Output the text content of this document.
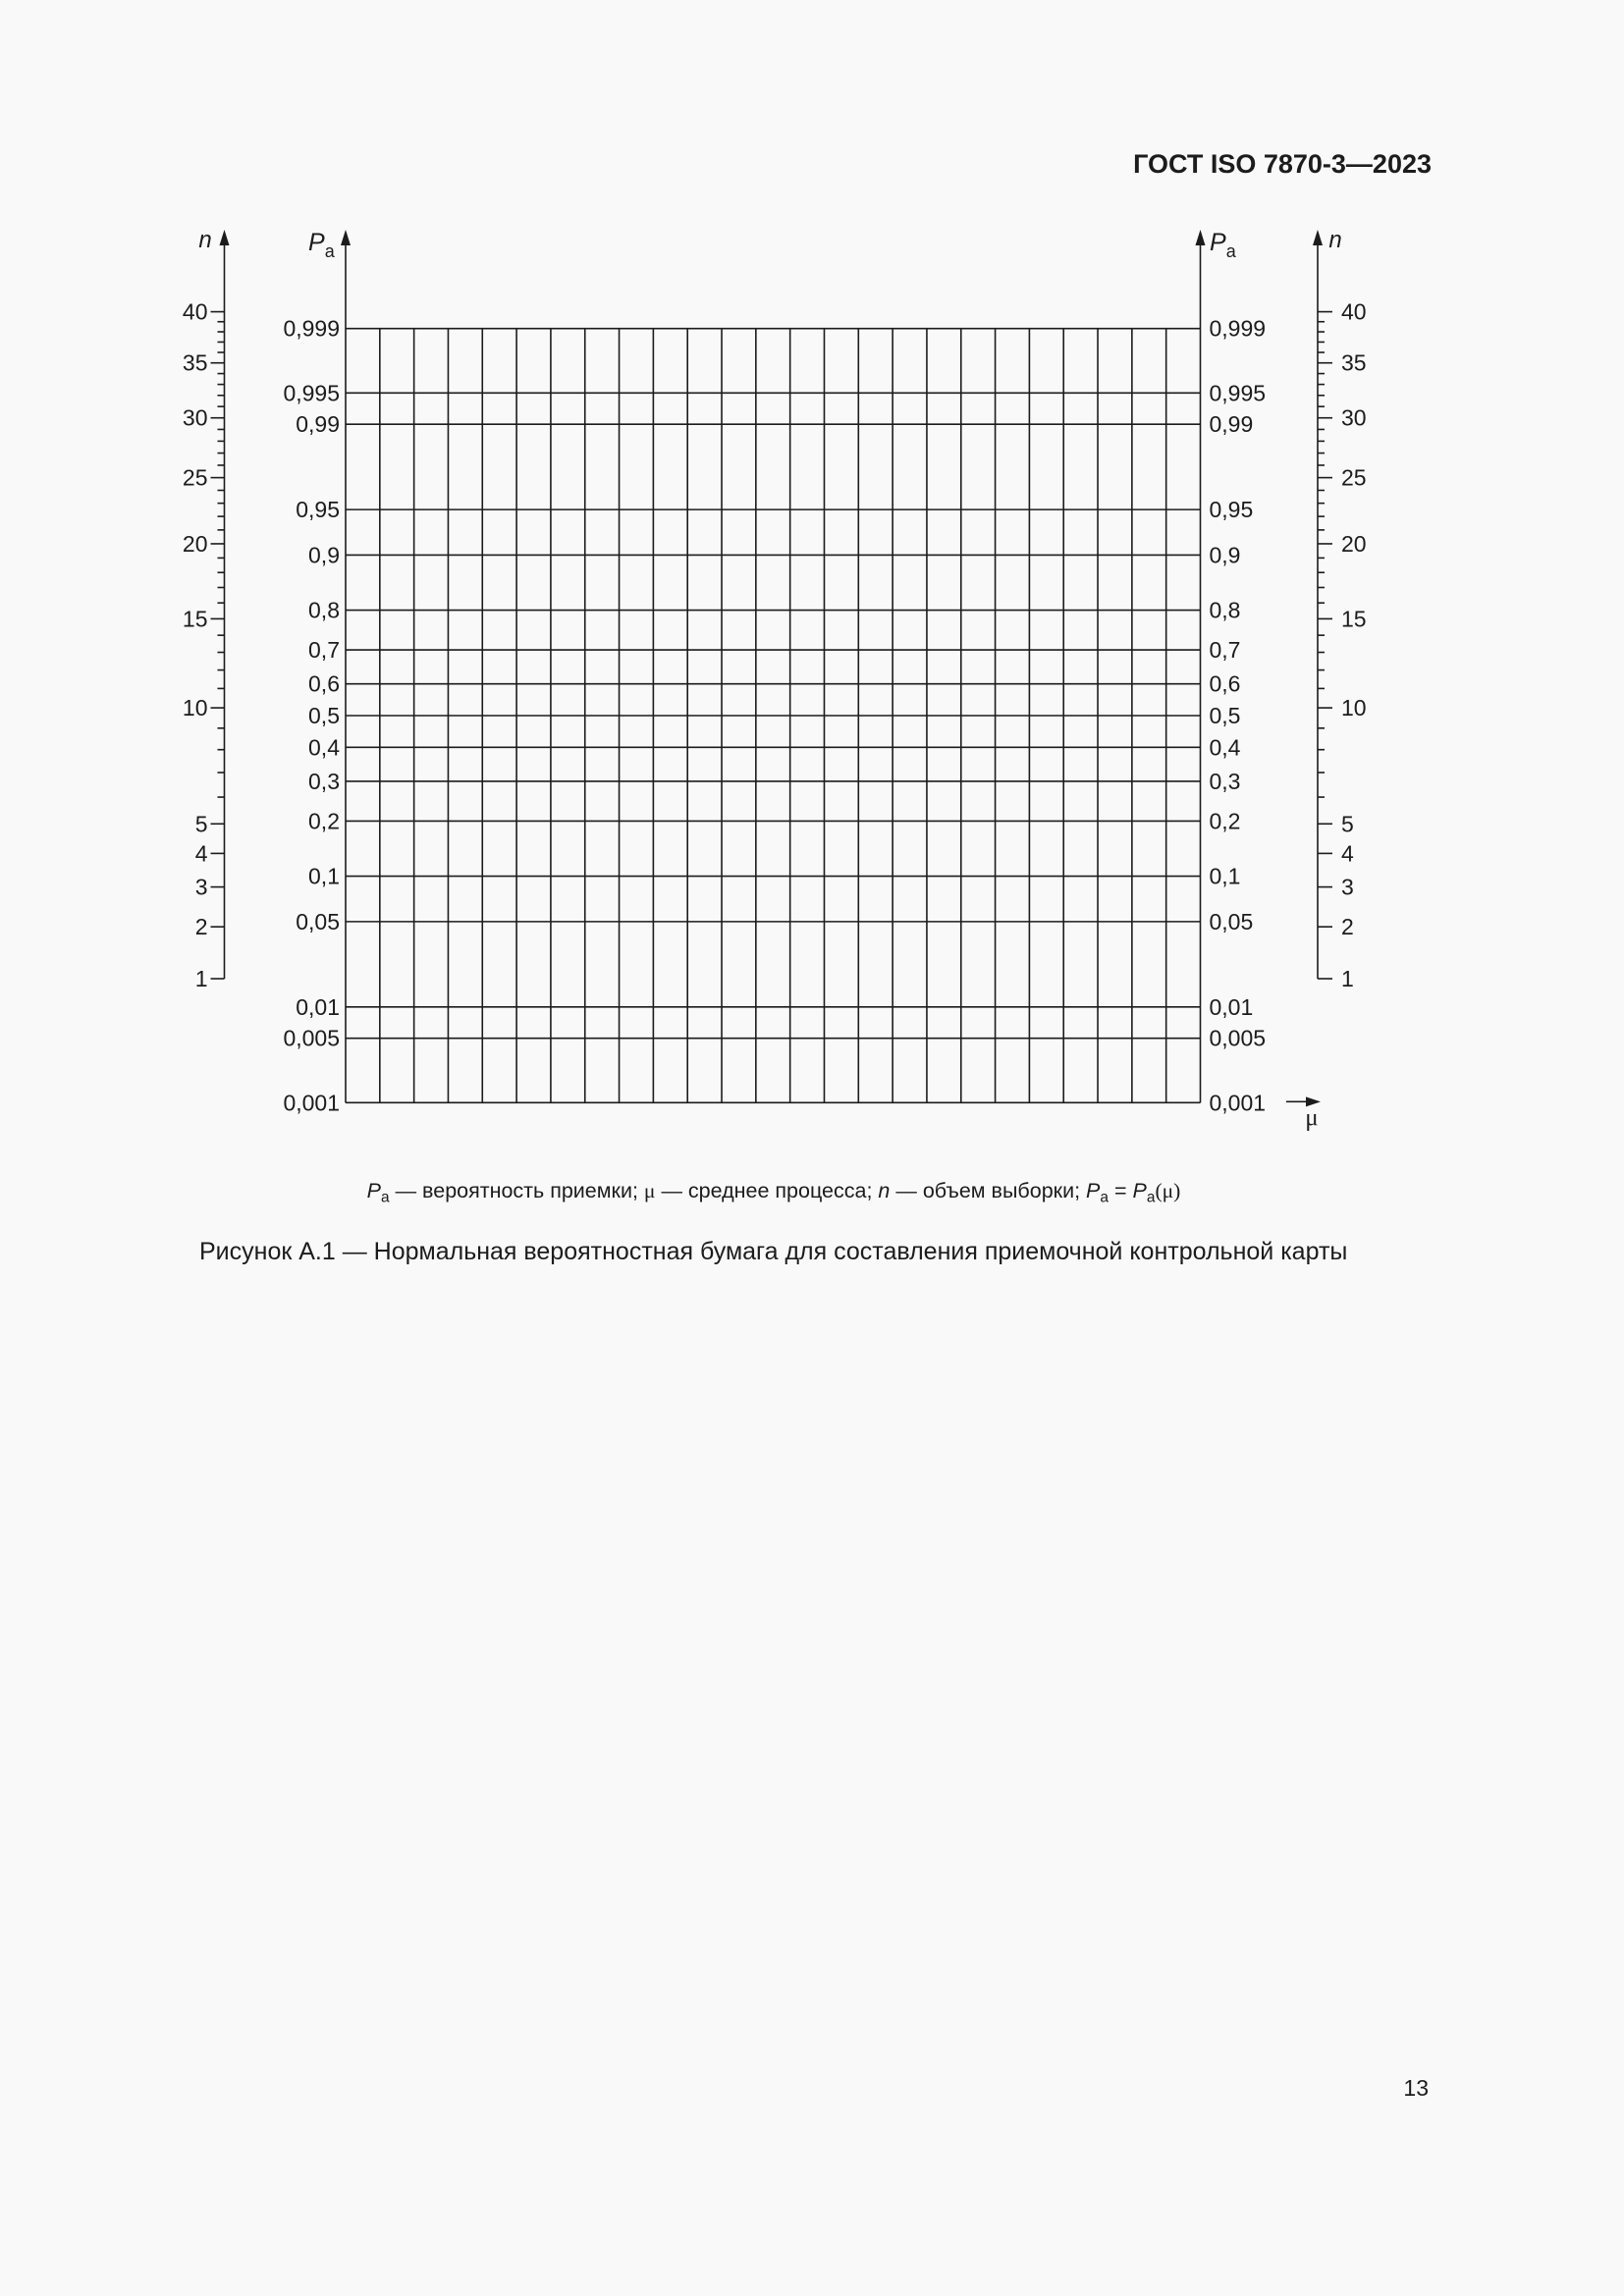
ГОСТ ISO 7870-3—2023
0,999	0,999
0,995	0,995
0,99	0,99
0,95	0,95
0,9	0,9
0,8	0,8
0,7	0,7
0,6	0,6
0,5	0,5
0,4	0,4
0,3	0,3
0,2	0,2
0,1	0,1
0,05	0,05
0,01	0,01
0,005	0,005
0,001	0,001
40	40
35	35
30	30
25	25
20	20
15	15
10	10
5	5
4	4
3	3
2	2
1	1
n	n
$P_a$	$P_a$
μ
$P_a$ — вероятность приемки; μ — среднее процесса; n — объем выборки; $P_a = P_a(\mu)$
Рисунок А.1 — Нормальная вероятностная бумага для составления приемочной контрольной карты
13
